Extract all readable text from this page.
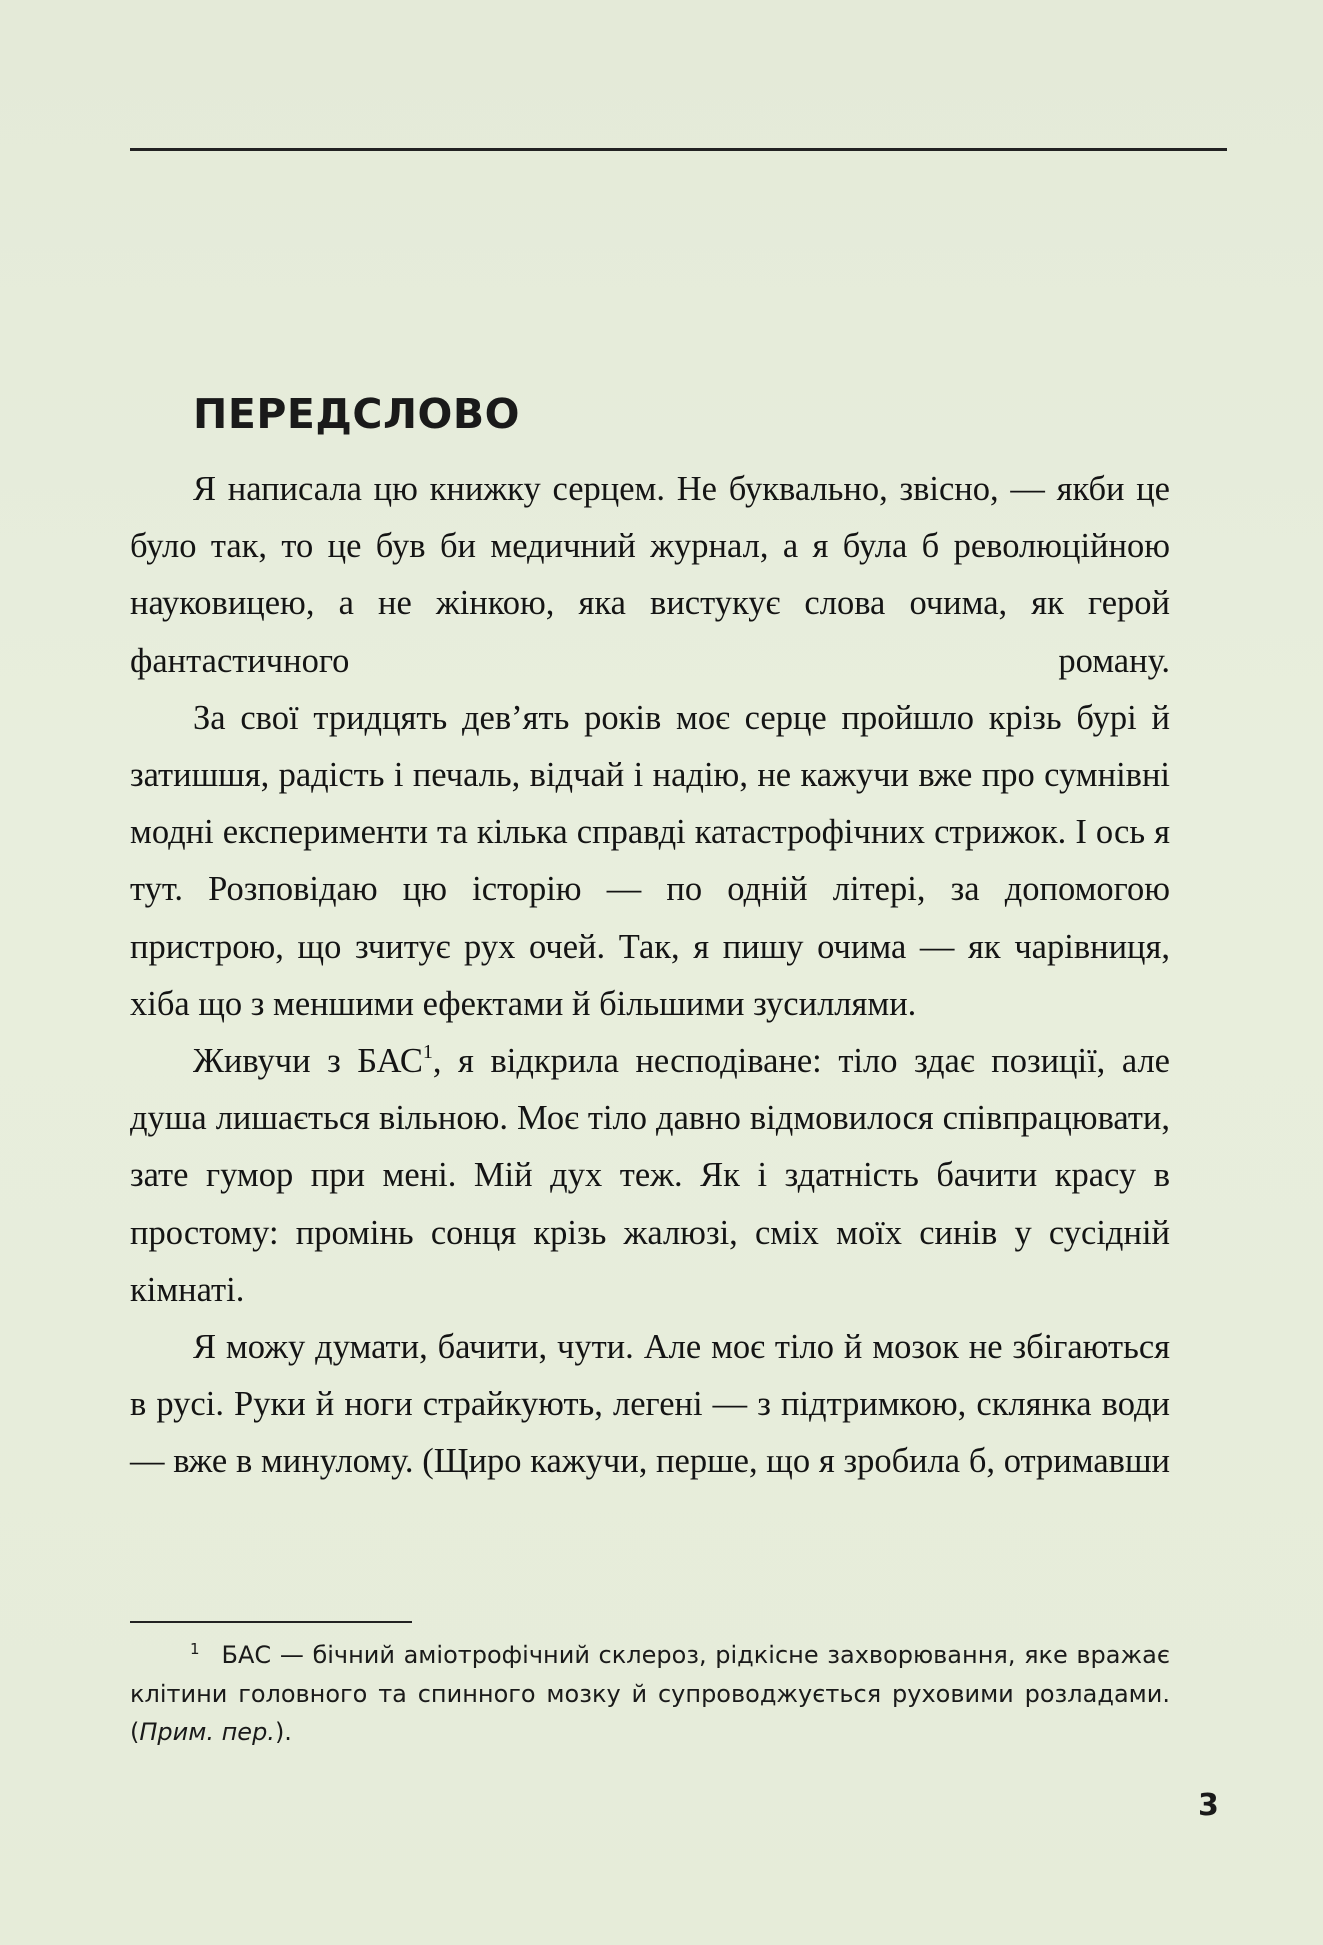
ПЕРЕДСЛОВО

Я написала цю книжку серцем. Не буквально, звісно, — якби це було так, то це був би медичний журнал, а я була б революційною науковицею, а не жінкою, яка вистукує слова очима, як герой фантастичного роману.

За свої тридцять дев’ять років моє серце пройшло крізь бурі й затишшя, радість і печаль, відчай і надію, не кажучи вже про сумнівні модні експерименти та кілька справді катастрофічних стрижок. І ось я тут. Розповідаю цю історію — по одній літері, за допомогою пристрою, що зчитує рух очей. Так, я пишу очима — як чарівниця, хіба що з меншими ефектами й більшими зусиллями.

Живучи з БАС$^1$, я відкрила несподіване: тіло здає позиції, але душа лишається вільною. Моє тіло давно відмовилося співпрацювати, зате гумор при мені. Мій дух теж. Як і здатність бачити красу в простому: промінь сонця крізь жалюзі, сміх моїх синів у сусідній кімнаті.

Я можу думати, бачити, чути. Але моє тіло й мозок не збігаються в русі. Руки й ноги страйкують, легені — з підтримкою, склянка води — вже в минулому. (Щиро кажучи, перше, що я зробила б, отримавши

$^1$ БАС — бічний аміотрофічний склероз, рідкісне захворювання, яке вражає клітини головного та спинного мозку й супроводжується руховими розладами. (Прим. пер.).

3
